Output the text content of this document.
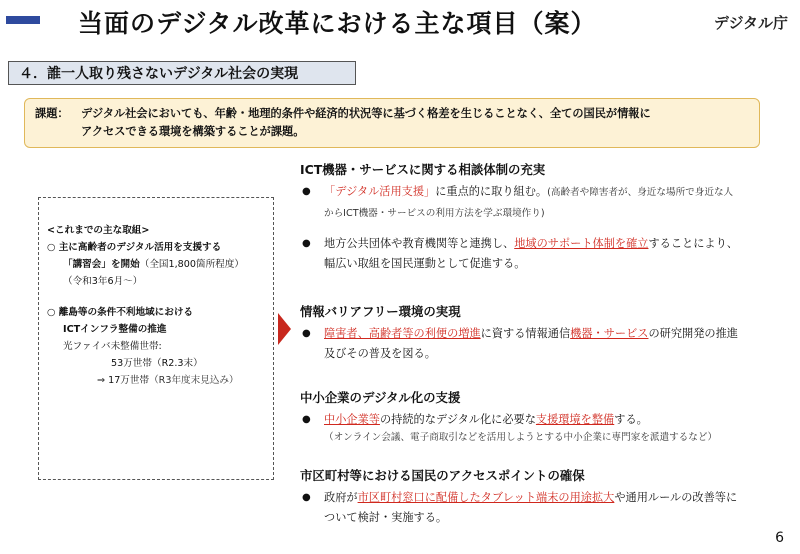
当面のデジタル改革における主な項目（案）	デジタル庁
４．誰一人取り残さないデジタル社会の実現
課題：	デジタル社会においても、年齢・地理的条件や経済的状況等に基づく格差を生じることなく、全ての国民が情報に
アクセスできる環境を構築することが課題。
<これまでの主な取組>
○ 主に高齢者のデジタル活用を支援する
「講習会」を開始（全国1,800箇所程度）
（令和3年6月～）
○ 離島等の条件不利地域における
ICTインフラ整備の推進
光ファイバ未整備世帯:
53万世帯（R2.3末）
⇒ 17万世帯（R3年度末見込み）
ICT機器・サービスに関する相談体制の充実
●	「デジタル活用支援」に重点的に取り組む。(高齢者や障害者が、身近な場所で身近な人
からICT機器・サービスの利用方法を学ぶ環境作り)
●	地方公共団体や教育機関等と連携し、地域のサポート体制を確立することにより、
幅広い取組を国民運動として促進する。
情報バリアフリー環境の実現
●	障害者、高齢者等の利便の増進に資する情報通信機器・サービスの研究開発の推進
及びその普及を図る。
中小企業のデジタル化の支援
●	中小企業等の持続的なデジタル化に必要な支援環境を整備する。
（オンライン会議、電子商取引などを活用しようとする中小企業に専門家を派遣するなど）
市区町村等における国民のアクセスポイントの確保
●	政府が市区町村窓口に配備したタブレット端末の用途拡大や通用ルールの改善等に
ついて検討・実施する。
6
